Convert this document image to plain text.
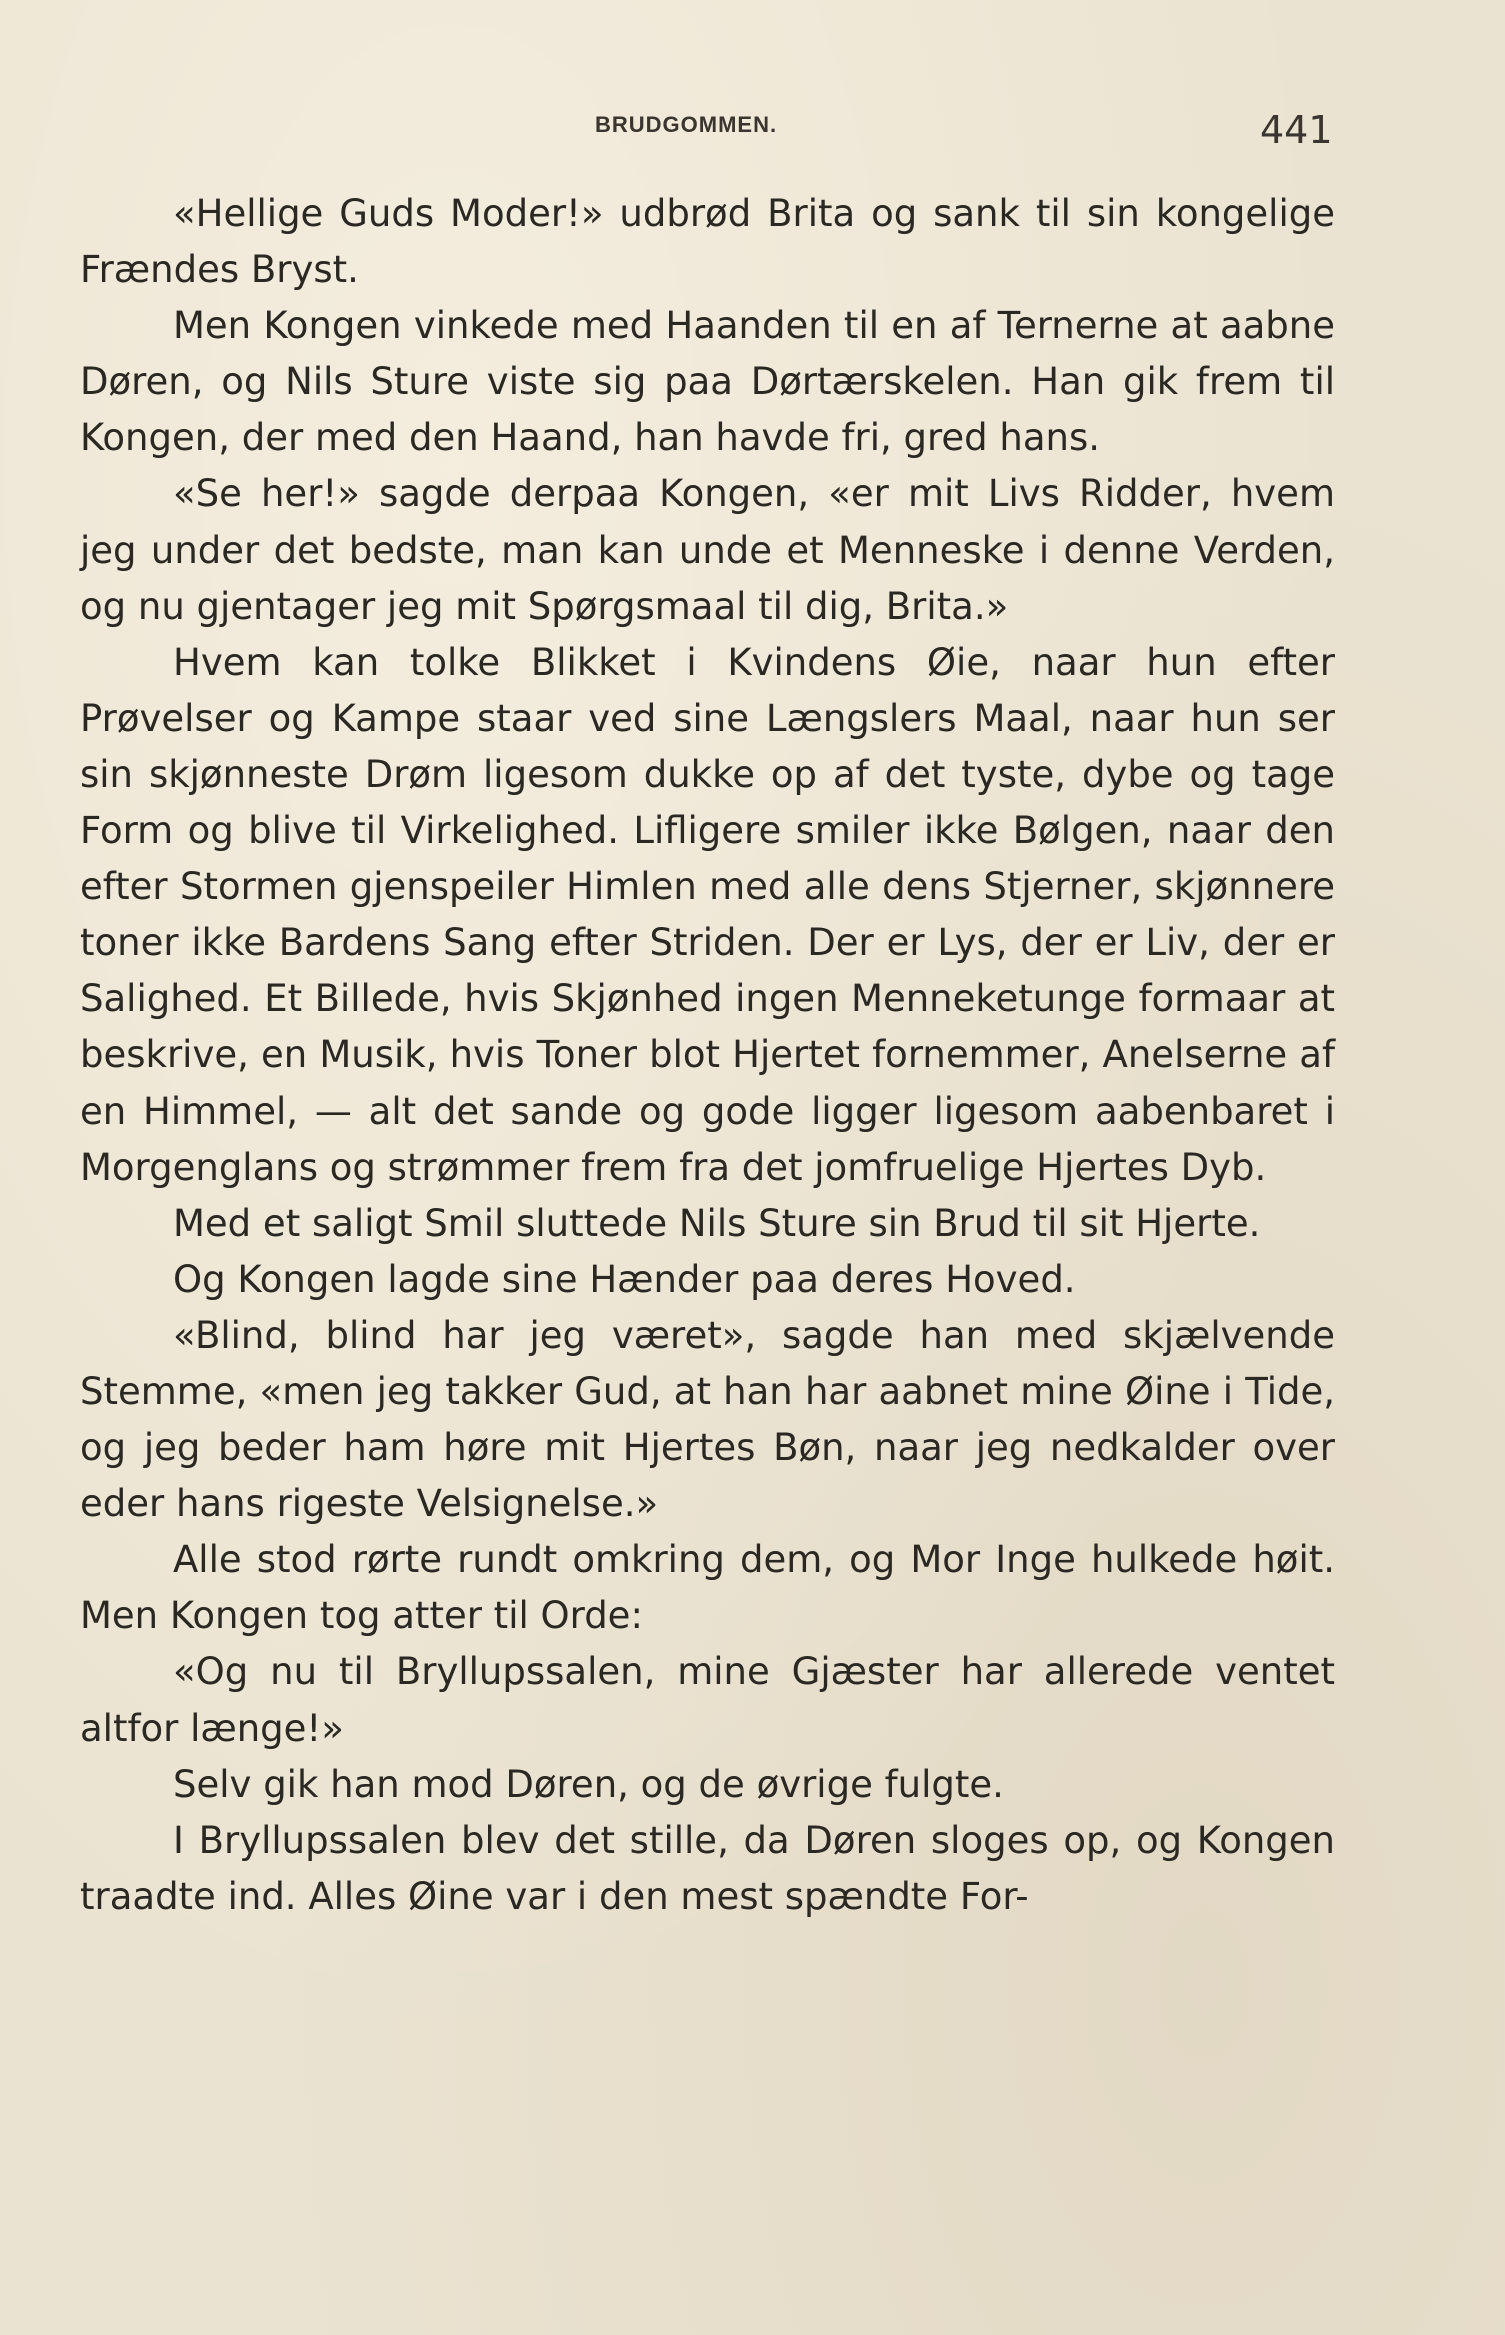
BRUDGOMMEN.	441

«Hellige Guds Moder!» udbrød Brita og sank til sin kongelige Frændes Bryst.

Men Kongen vinkede med Haanden til en af Ternerne at aabne Døren, og Nils Sture viste sig paa Dørtærskelen. Han gik frem til Kongen, der med den Haand, han havde fri, gred hans.

«Se her!» sagde derpaa Kongen, «er mit Livs Ridder, hvem jeg under det bedste, man kan unde et Menneske i denne Verden, og nu gjentager jeg mit Spørgsmaal til dig, Brita.»

Hvem kan tolke Blikket i Kvindens Øie, naar hun efter Prøvelser og Kampe staar ved sine Længslers Maal, naar hun ser sin skjønneste Drøm ligesom dukke op af det tyste, dybe og tage Form og blive til Virkelighed. Lifligere smiler ikke Bølgen, naar den efter Stormen gjenspeiler Himlen med alle dens Stjerner, skjønnere toner ikke Bardens Sang efter Striden. Der er Lys, der er Liv, der er Salighed. Et Billede, hvis Skjønhed ingen Menneketunge formaar at beskrive, en Musik, hvis Toner blot Hjertet fornemmer, Anelserne af en Himmel, — alt det sande og gode ligger ligesom aabenbaret i Morgenglans og strømmer frem fra det jomfruelige Hjertes Dyb.

Med et saligt Smil sluttede Nils Sture sin Brud til sit Hjerte.

Og Kongen lagde sine Hænder paa deres Hoved.

«Blind, blind har jeg været», sagde han med skjælvende Stemme, «men jeg takker Gud, at han har aabnet mine Øine i Tide, og jeg beder ham høre mit Hjertes Bøn, naar jeg nedkalder over eder hans rigeste Velsignelse.»

Alle stod rørte rundt omkring dem, og Mor Inge hulkede høit. Men Kongen tog atter til Orde:

«Og nu til Bryllupssalen, mine Gjæster har allerede ventet altfor længe!»

Selv gik han mod Døren, og de øvrige fulgte.

I Bryllupssalen blev det stille, da Døren sloges op, og Kongen traadte ind. Alles Øine var i den mest spændte For-
